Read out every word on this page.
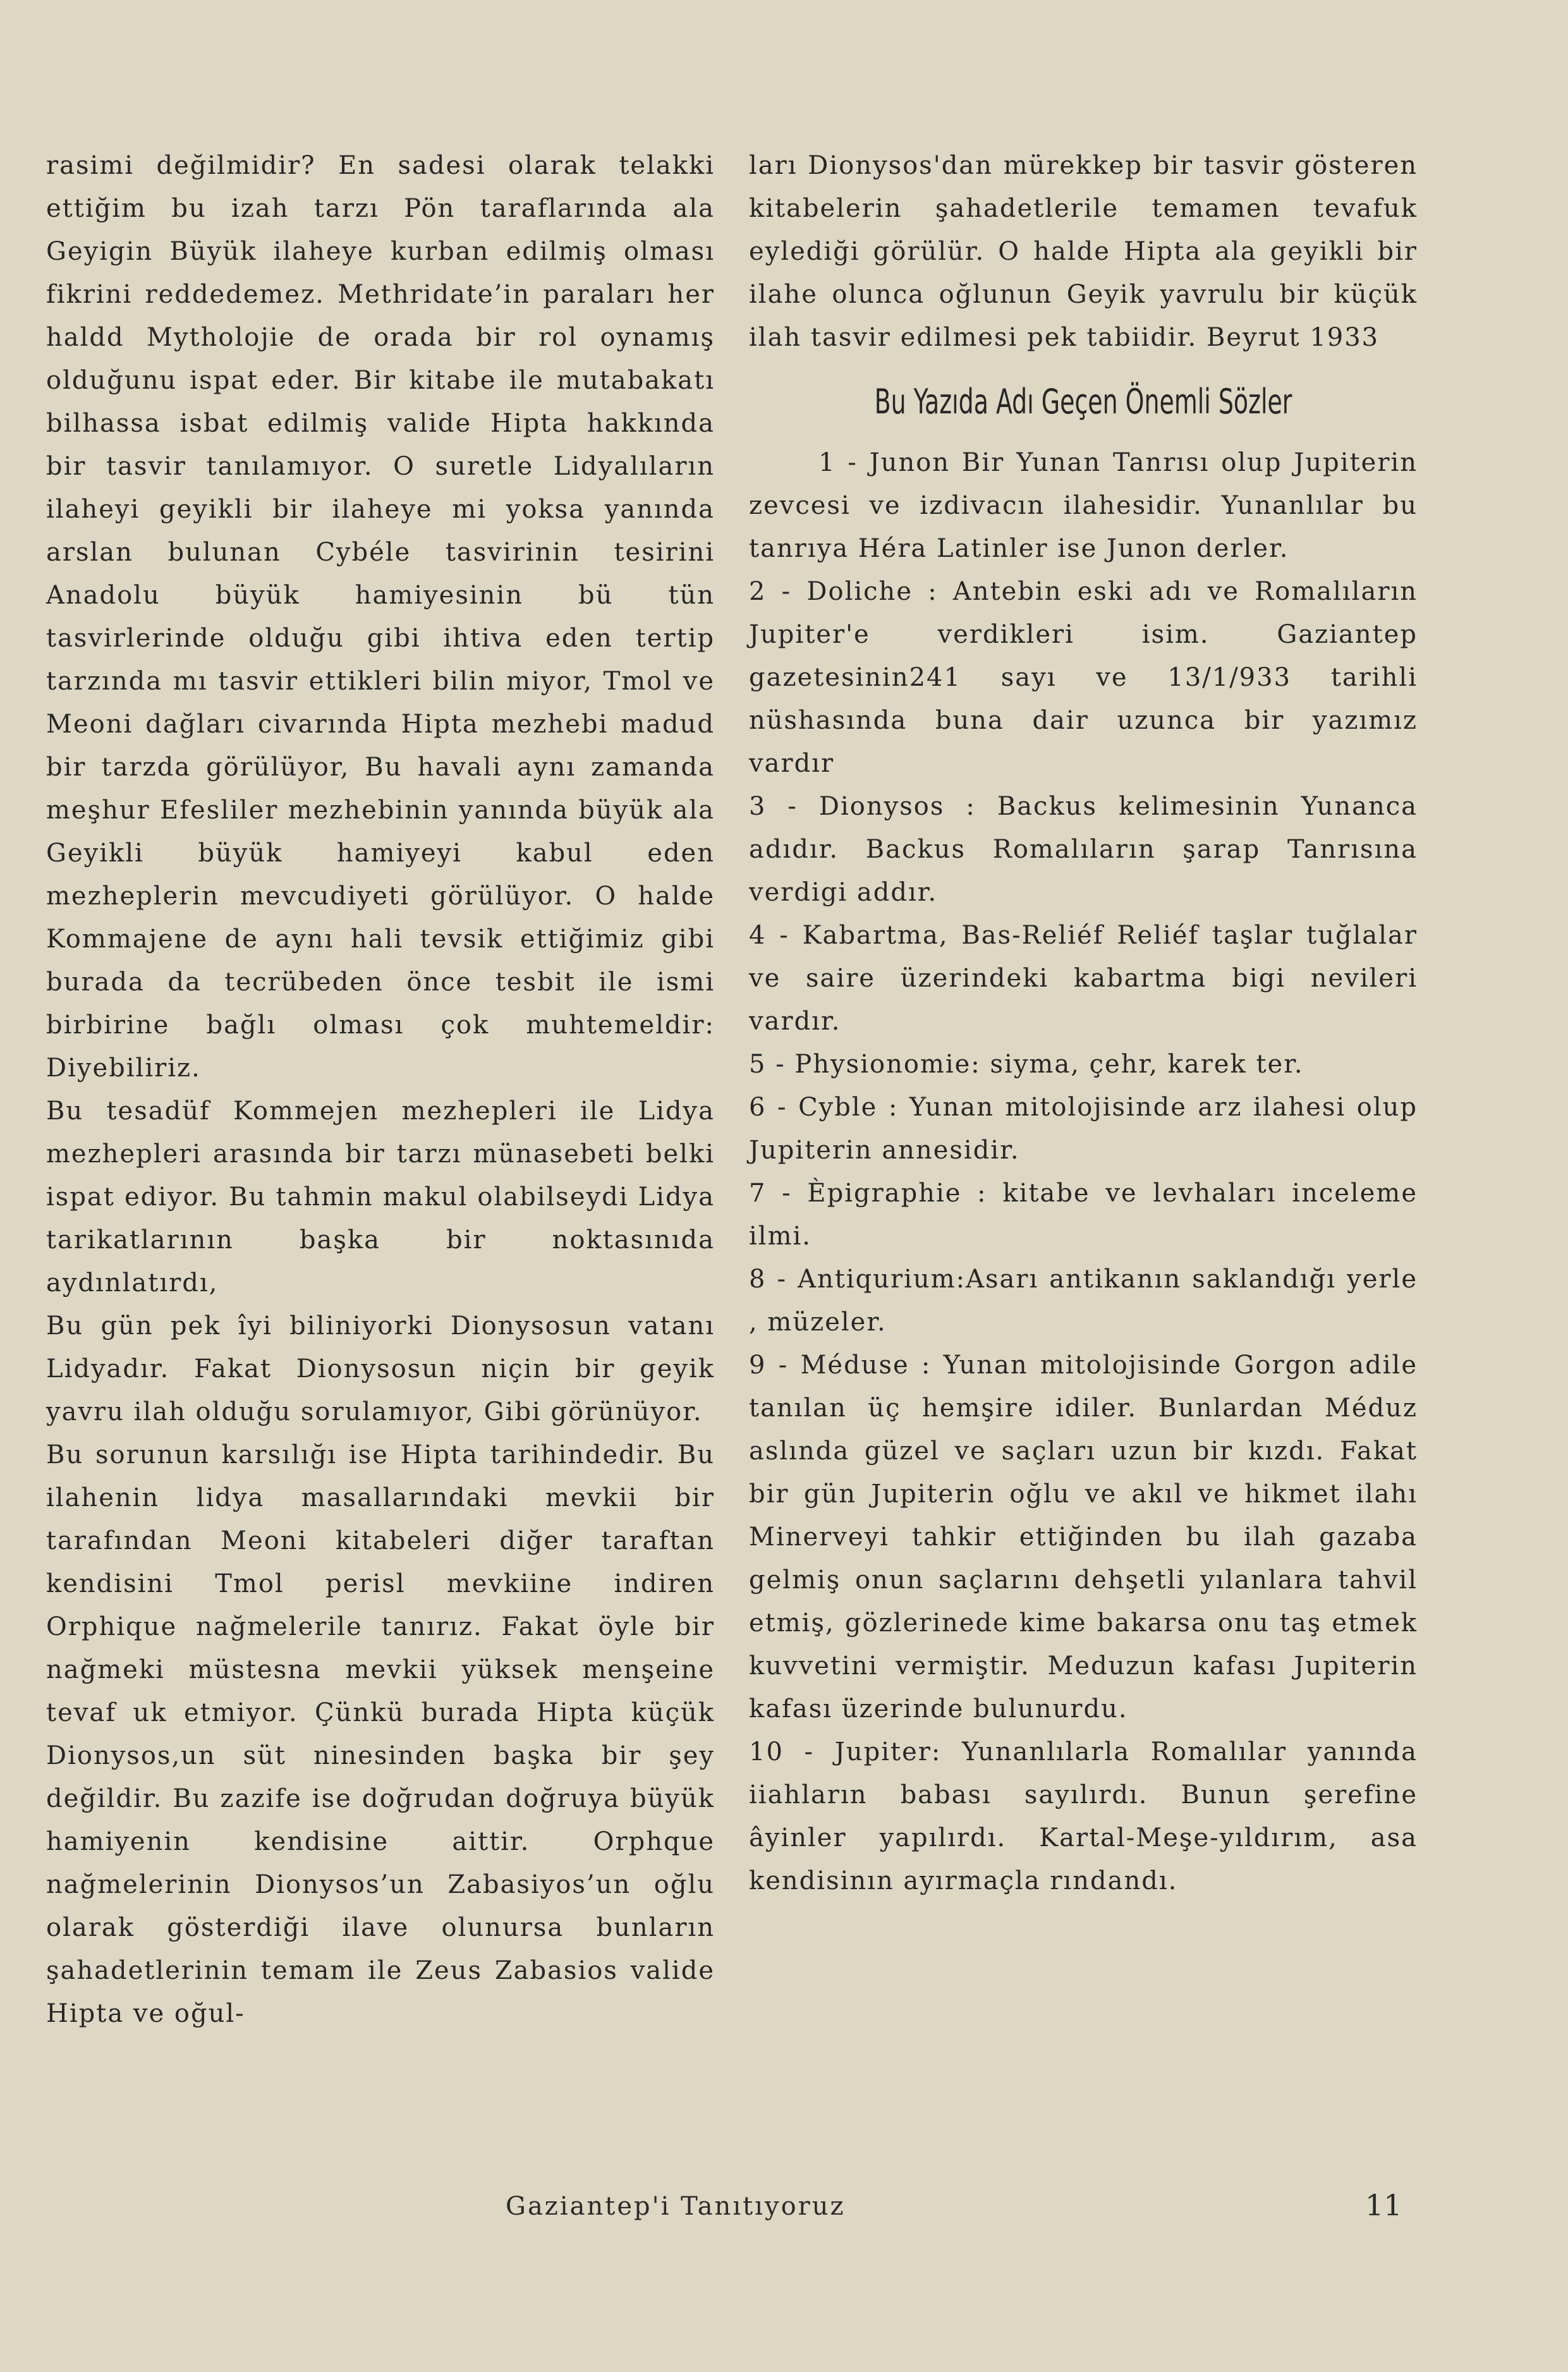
rasimi değilmidir? En sadesi olarak telakki ettiğim bu izah tarzı Pön taraflarında ala Geyigin Büyük ilaheye kurban edilmiş olması fikrini reddedemez. Methridate’in paraları her haldd Mytholojie de orada bir rol oynamış olduğunu ispat eder. Bir kitabe ile mutabakatı bilhassa isbat edilmiş valide Hipta hakkında bir tasvir tanılamıyor. O suretle Lidyalıların ilaheyi geyikli bir ilaheye mi yoksa yanında arslan bulunan Cybéle tasvirinin tesirini Anadolu büyük hamiyesinin bü tün tasvirlerinde olduğu gibi ihtiva eden tertip tarzında mı tasvir ettikleri bilin miyor, Tmol ve Meoni dağları civarında Hipta mezhebi madud bir tarzda görülüyor, Bu havali aynı zamanda meşhur Efesliler mezhebinin yanında büyük ala Geyikli büyük hamiyeyi kabul eden mezheplerin mevcudiyeti görülüyor. O halde Kommajene de aynı hali tevsik ettiğimiz gibi burada da tecrübeden önce tesbit ile ismi birbirine bağlı olması çok muhtemeldir: Diyebiliriz.

Bu tesadüf Kommejen mezhepleri ile Lidya mezhepleri arasında bir tarzı münasebeti belki ispat ediyor. Bu tahmin makul olabilseydi Lidya tarikatlarının başka bir noktasınıda aydınlatırdı,

Bu gün pek îyi biliniyorki Dionysosun vatanı Lidyadır. Fakat Dionysosun niçin bir geyik yavru ilah olduğu sorulamıyor, Gibi görünüyor.

Bu sorunun karsılığı ise Hipta tarihindedir. Bu ilahenin lidya masallarındaki mevkii bir tarafından Meoni kitabeleri diğer taraftan kendisini Tmol perisl mevkiine indiren Orphique nağmelerile tanırız. Fakat öyle bir nağmeki müstesna mevkii yüksek menşeine tevaf uk etmiyor. Çünkü burada Hipta küçük Dionysos,un süt ninesinden başka bir şey değildir. Bu zazife ise doğrudan doğruya büyük hamiyenin kendisine aittir. Orphque nağmelerinin Dionysos’un Zabasiyos’un oğlu olarak gösterdiği ilave olunursa bunların şahadetlerinin temam ile Zeus Zabasios valide Hipta ve oğul-

ları Dionysos'dan mürekkep bir tasvir gösteren kitabelerin şahadetlerile temamen tevafuk eylediği görülür. O halde Hipta ala geyikli bir ilahe olunca oğlunun Geyik yavrulu bir küçük ilah tasvir edilmesi pek tabiidir. Beyrut 1933

Bu Yazıda Adı Geçen Önemli Sözler

1 - Junon Bir Yunan Tanrısı olup Jupiterin zevcesi ve izdivacın ilahesidir. Yunanlılar bu tanrıya Héra Latinler ise Junon derler.

2 - Doliche : Antebin eski adı ve Romalıların Jupiter'e verdikleri isim. Gaziantep gazetesinin241 sayı ve 13/1/933 tarihli nüshasında buna dair uzunca bir yazımız vardır

3 - Dionysos : Backus kelimesinin Yunanca adıdır. Backus Romalıların şarap Tanrısına verdigi addır.

4 - Kabartma, Bas-Reliéf Reliéf taşlar tuğlalar ve saire üzerindeki kabartma bigi nevileri vardır.

5 - Physionomie: siyma, çehr, karek ter.

6 - Cyble : Yunan mitolojisinde arz ilahesi olup Jupiterin annesidir.

7 - Èpigraphie : kitabe ve levhaları inceleme ilmi.

8 - Antiqurium:Asarı antikanın saklandığı yerle , müzeler.

9 - Méduse : Yunan mitolojisinde Gorgon adile tanılan üç hemşire idiler. Bunlardan Méduz aslında güzel ve saçları uzun bir kızdı. Fakat bir gün Jupiterin oğlu ve akıl ve hikmet ilahı Minerveyi tahkir ettiğinden bu ilah gazaba gelmiş onun saçlarını dehşetli yılanlara tahvil etmiş, gözlerinede kime bakarsa onu taş etmek kuvvetini vermiştir. Meduzun kafası Jupiterin kafası üzerinde bulunurdu.

10 - Jupiter: Yunanlılarla Romalılar yanında iiahların babası sayılırdı. Bunun şerefine âyinler yapılırdı. Kartal-Meşe-yıldırım, asa kendisinın ayırmaçla rındandı.

Gaziantep'i Tanıtıyoruz	11
